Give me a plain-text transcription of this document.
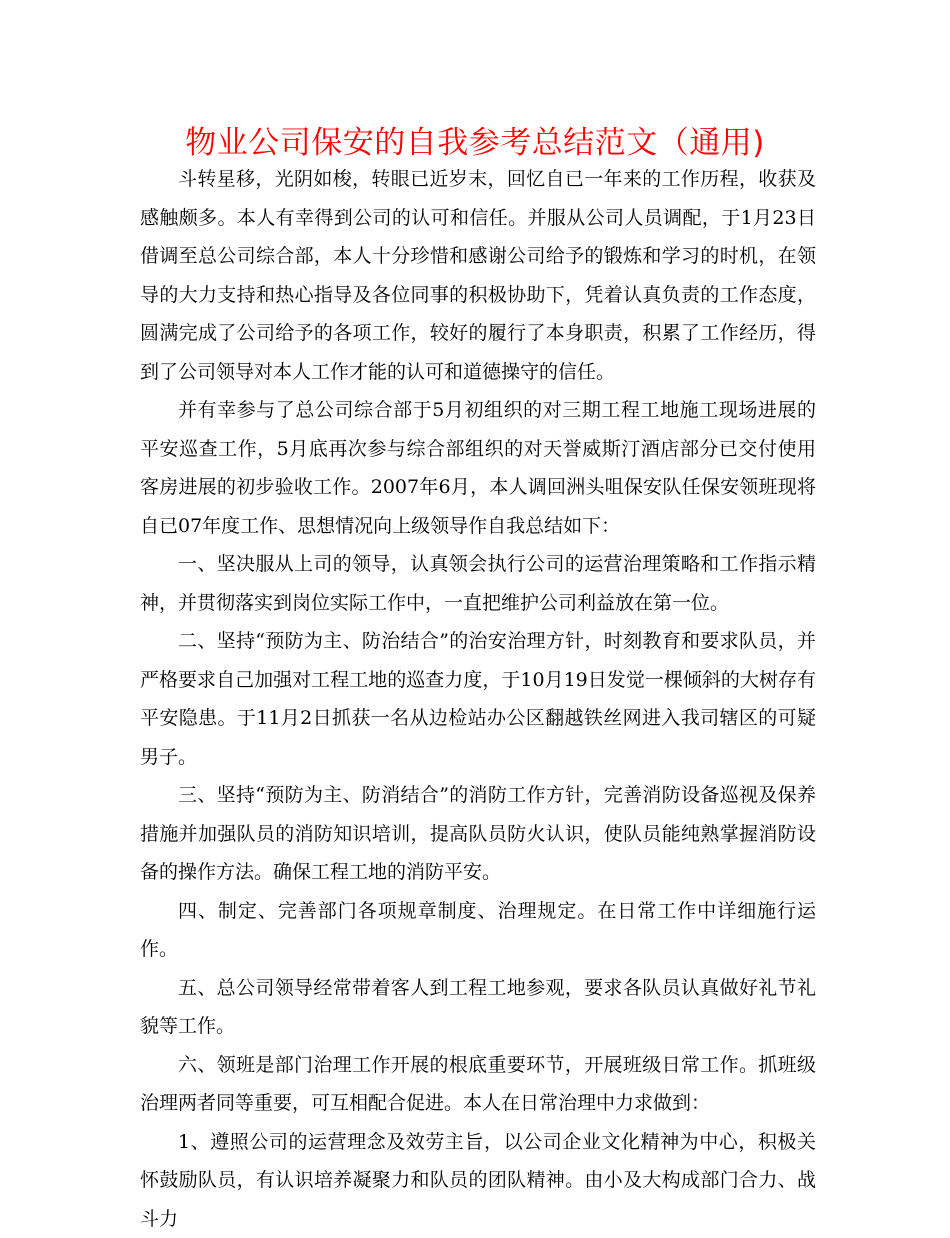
物业公司保安的自我参考总结范文（通用)

斗转星移，光阴如梭，转眼已近岁末，回忆自已一年来的工作历程，收获及感触颇多。本人有幸得到公司的认可和信任。并服从公司人员调配，于1月23日借调至总公司综合部，本人十分珍惜和感谢公司给予的锻炼和学习的时机，在领导的大力支持和热心指导及各位同事的积极协助下，凭着认真负责的工作态度，圆满完成了公司给予的各项工作，较好的履行了本身职责，积累了工作经历，得到了公司领导对本人工作才能的认可和道德操守的信任。

并有幸参与了总公司综合部于5月初组织的对三期工程工地施工现场进展的平安巡查工作，5月底再次参与综合部组织的对天誉威斯汀酒店部分已交付使用客房进展的初步验收工作。2007年6月，本人调回洲头咀保安队任保安领班现将自已07年度工作、思想情况向上级领导作自我总结如下：

一、坚决服从上司的领导，认真领会执行公司的运营治理策略和工作指示精神，并贯彻落实到岗位实际工作中，一直把维护公司利益放在第一位。

二、坚持“预防为主、防治结合”的治安治理方针，时刻教育和要求队员，并严格要求自己加强对工程工地的巡查力度，于10月19日发觉一棵倾斜的大树存有平安隐患。于11月2日抓获一名从边检站办公区翻越铁丝网进入我司辖区的可疑男子。

三、坚持“预防为主、防消结合”的消防工作方针，完善消防设备巡视及保养措施并加强队员的消防知识培训，提高队员防火认识，使队员能纯熟掌握消防设备的操作方法。确保工程工地的消防平安。

四、制定、完善部门各项规章制度、治理规定。在日常工作中详细施行运作。

五、总公司领导经常带着客人到工程工地参观，要求各队员认真做好礼节礼貌等工作。

六、领班是部门治理工作开展的根底重要环节，开展班级日常工作。抓班级治理两者同等重要，可互相配合促进。本人在日常治理中力求做到：

1、遵照公司的运营理念及效劳主旨，以公司企业文化精神为中心，积极关怀鼓励队员，有认识培养凝聚力和队员的团队精神。由小及大构成部门合力、战斗力
